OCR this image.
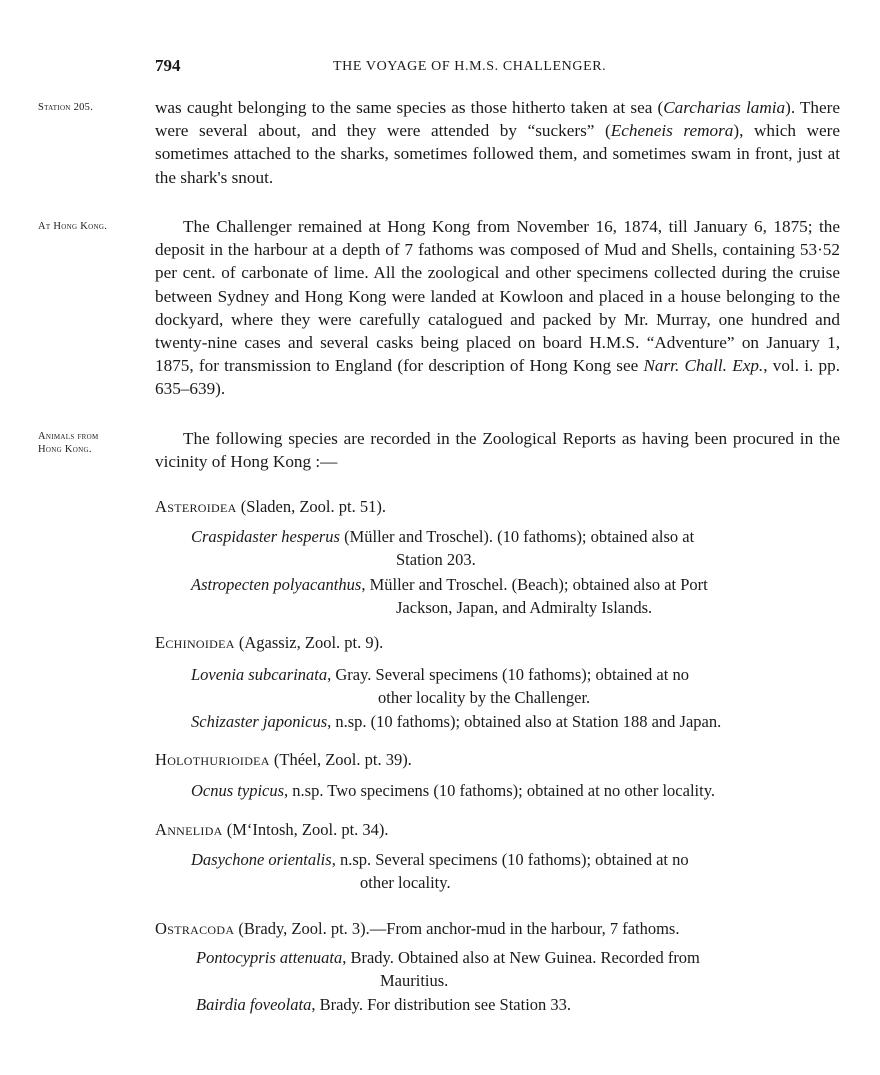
794	THE VOYAGE OF H.M.S. CHALLENGER.
Station 205.
At Hong Kong.
Animals from
Hong Kong.
was caught belonging to the same species as those hitherto taken at sea (Carcharias lamia). There were several about, and they were attended by “suckers” (Echeneis remora), which were sometimes attached to the sharks, sometimes followed them, and sometimes swam in front, just at the shark's snout.
The Challenger remained at Hong Kong from November 16, 1874, till January 6, 1875; the deposit in the harbour at a depth of 7 fathoms was composed of Mud and Shells, containing 53·52 per cent. of carbonate of lime. All the zoological and other specimens collected during the cruise between Sydney and Hong Kong were landed at Kowloon and placed in a house belonging to the dockyard, where they were carefully catalogued and packed by Mr. Murray, one hundred and twenty-nine cases and several casks being placed on board H.M.S. “Adventure” on January 1, 1875, for transmission to England (for description of Hong Kong see Narr. Chall. Exp., vol. i. pp. 635–639).
The following species are recorded in the Zoological Reports as having been procured in the vicinity of Hong Kong :—
Asteroidea (Sladen, Zool. pt. 51).
Craspidaster hesperus (Müller and Troschel). (10 fathoms); obtained also at
Station 203.
Astropecten polyacanthus, Müller and Troschel. (Beach); obtained also at Port
Jackson, Japan, and Admiralty Islands.
Echinoidea (Agassiz, Zool. pt. 9).
Lovenia subcarinata, Gray. Several specimens (10 fathoms); obtained at no
other locality by the Challenger.
Schizaster japonicus, n.sp. (10 fathoms); obtained also at Station 188 and Japan.
Holothurioidea (Théel, Zool. pt. 39).
Ocnus typicus, n.sp. Two specimens (10 fathoms); obtained at no other locality.
Annelida (M‘Intosh, Zool. pt. 34).
Dasychone orientalis, n.sp. Several specimens (10 fathoms); obtained at no
other locality.
Ostracoda (Brady, Zool. pt. 3).—From anchor-mud in the harbour, 7 fathoms.
Pontocypris attenuata, Brady. Obtained also at New Guinea. Recorded from
Mauritius.
Bairdia foveolata, Brady. For distribution see Station 33.
